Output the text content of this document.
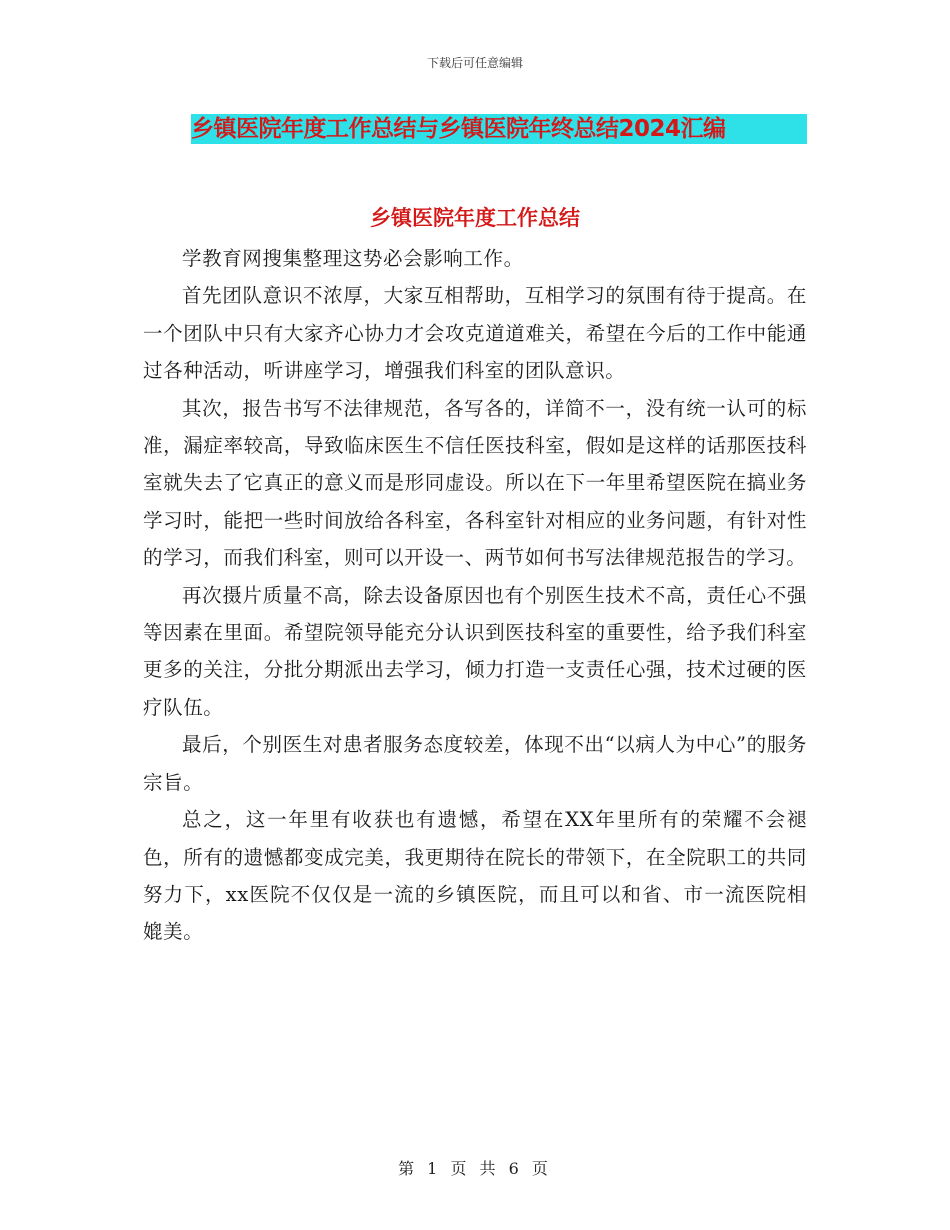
下载后可任意编辑
乡镇医院年度工作总结与乡镇医院年终总结2024汇编
乡镇医院年度工作总结

学教育网搜集整理这势必会影响工作。

首先团队意识不浓厚，大家互相帮助，互相学习的氛围有待于提高。在一个团队中只有大家齐心协力才会攻克道道难关，希望在今后的工作中能通过各种活动，听讲座学习，增强我们科室的团队意识。

其次，报告书写不法律规范，各写各的，详简不一，没有统一认可的标准，漏症率较高，导致临床医生不信任医技科室，假如是这样的话那医技科室就失去了它真正的意义而是形同虚设。所以在下一年里希望医院在搞业务学习时，能把一些时间放给各科室，各科室针对相应的业务问题，有针对性的学习，而我们科室，则可以开设一、两节如何书写法律规范报告的学习。

再次摄片质量不高，除去设备原因也有个别医生技术不高，责任心不强等因素在里面。希望院领导能充分认识到医技科室的重要性，给予我们科室更多的关注，分批分期派出去学习，倾力打造一支责任心强，技术过硬的医疗队伍。

最后，个别医生对患者服务态度较差，体现不出“以病人为中心”的服务宗旨。

总之，这一年里有收获也有遗憾，希望在XX年里所有的荣耀不会褪色，所有的遗憾都变成完美，我更期待在院长的带领下，在全院职工的共同努力下，xx医院不仅仅是一流的乡镇医院，而且可以和省、市一流医院相媲美。

第 1 页 共 6 页
